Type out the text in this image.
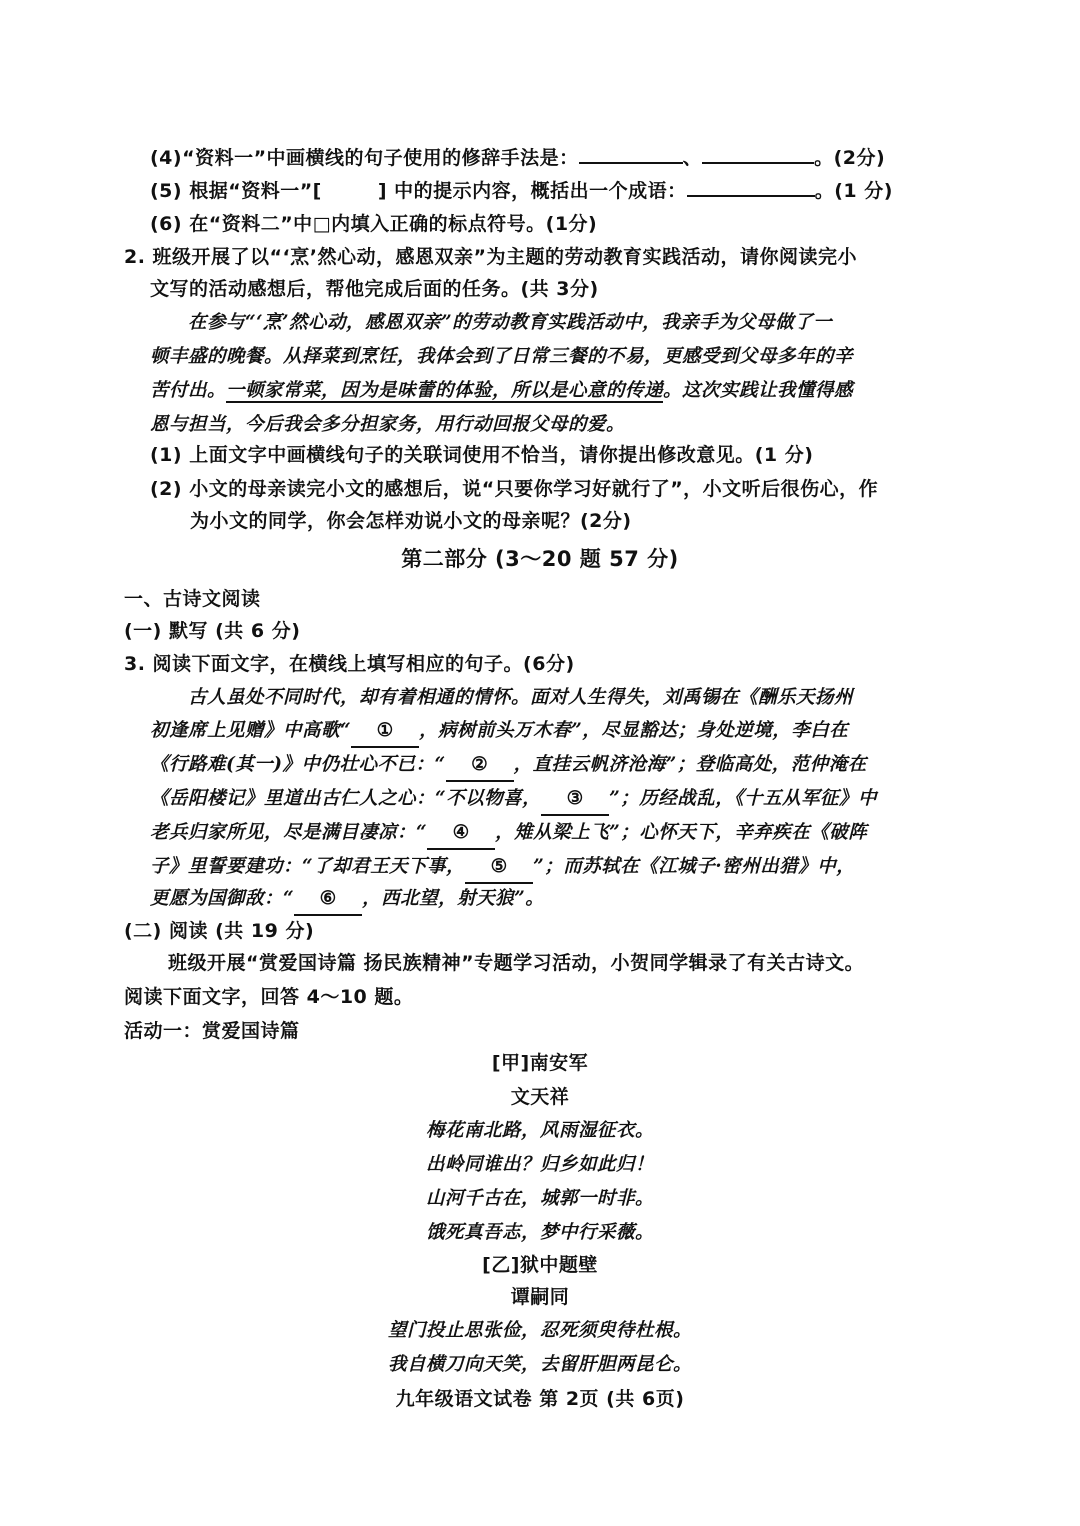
(4)“资料一”中画横线的句子使用的修辞手法是：	、	。(2分)
(5) 根据“资料一”[	] 中的提示内容，概括出一个成语：	。(1 分)
(6) 在“资料二”中□内填入正确的标点符号。(1分)
2. 班级开展了以“‘烹’然心动，感恩双亲”为主题的劳动教育实践活动，请你阅读完小
文写的活动感想后，帮他完成后面的任务。(共 3分)
在参与“‘烹’然心动，感恩双亲”的劳动教育实践活动中，我亲手为父母做了一
顿丰盛的晚餐。从择菜到烹饪，我体会到了日常三餐的不易，更感受到父母多年的辛
苦付出。一顿家常菜，因为是味蕾的体验，所以是心意的传递。这次实践让我懂得感
恩与担当，今后我会多分担家务，用行动回报父母的爱。
(1) 上面文字中画横线句子的关联词使用不恰当，请你提出修改意见。(1 分)
(2) 小文的母亲读完小文的感想后，说“只要你学习好就行了”，小文听后很伤心，作
为小文的同学，你会怎样劝说小文的母亲呢？(2分)
第二部分 (3～20 题 57 分)
一、古诗文阅读
(一) 默写 (共 6 分)
3. 阅读下面文字，在横线上填写相应的句子。(6分)
古人虽处不同时代，却有着相通的情怀。面对人生得失，刘禹锡在《酬乐天扬州
初逢席上见赠》中高歌“ ① ，病树前头万木春”，尽显豁达；身处逆境，李白在
《行路难(其一)》中仍壮心不已：“ ② ，直挂云帆济沧海”；登临高处，范仲淹在
《岳阳楼记》里道出古仁人之心：“不以物喜， ③ ”；历经战乱，《十五从军征》中
老兵归家所见，尽是满目凄凉：“ ④ ，雉从梁上飞”；心怀天下，辛弃疾在《破阵
子》里誓要建功：“了却君王天下事， ⑤ ”；而苏轼在《江城子·密州出猎》中，
更愿为国御敌：“ ⑥ ，西北望，射天狼”。
(二) 阅读 (共 19 分)
班级开展“赏爱国诗篇 扬民族精神”专题学习活动，小贺同学辑录了有关古诗文。
阅读下面文字，回答 4～10 题。
活动一：赏爱国诗篇
[甲]南安军
文天祥
梅花南北路，风雨湿征衣。
出岭同谁出？归乡如此归！
山河千古在，城郭一时非。
饿死真吾志，梦中行采薇。
[乙]狱中题壁
谭嗣同
望门投止思张俭，忍死须臾待杜根。
我自横刀向天笑，去留肝胆两昆仑。
九年级语文试卷 第 2页 (共 6页)
